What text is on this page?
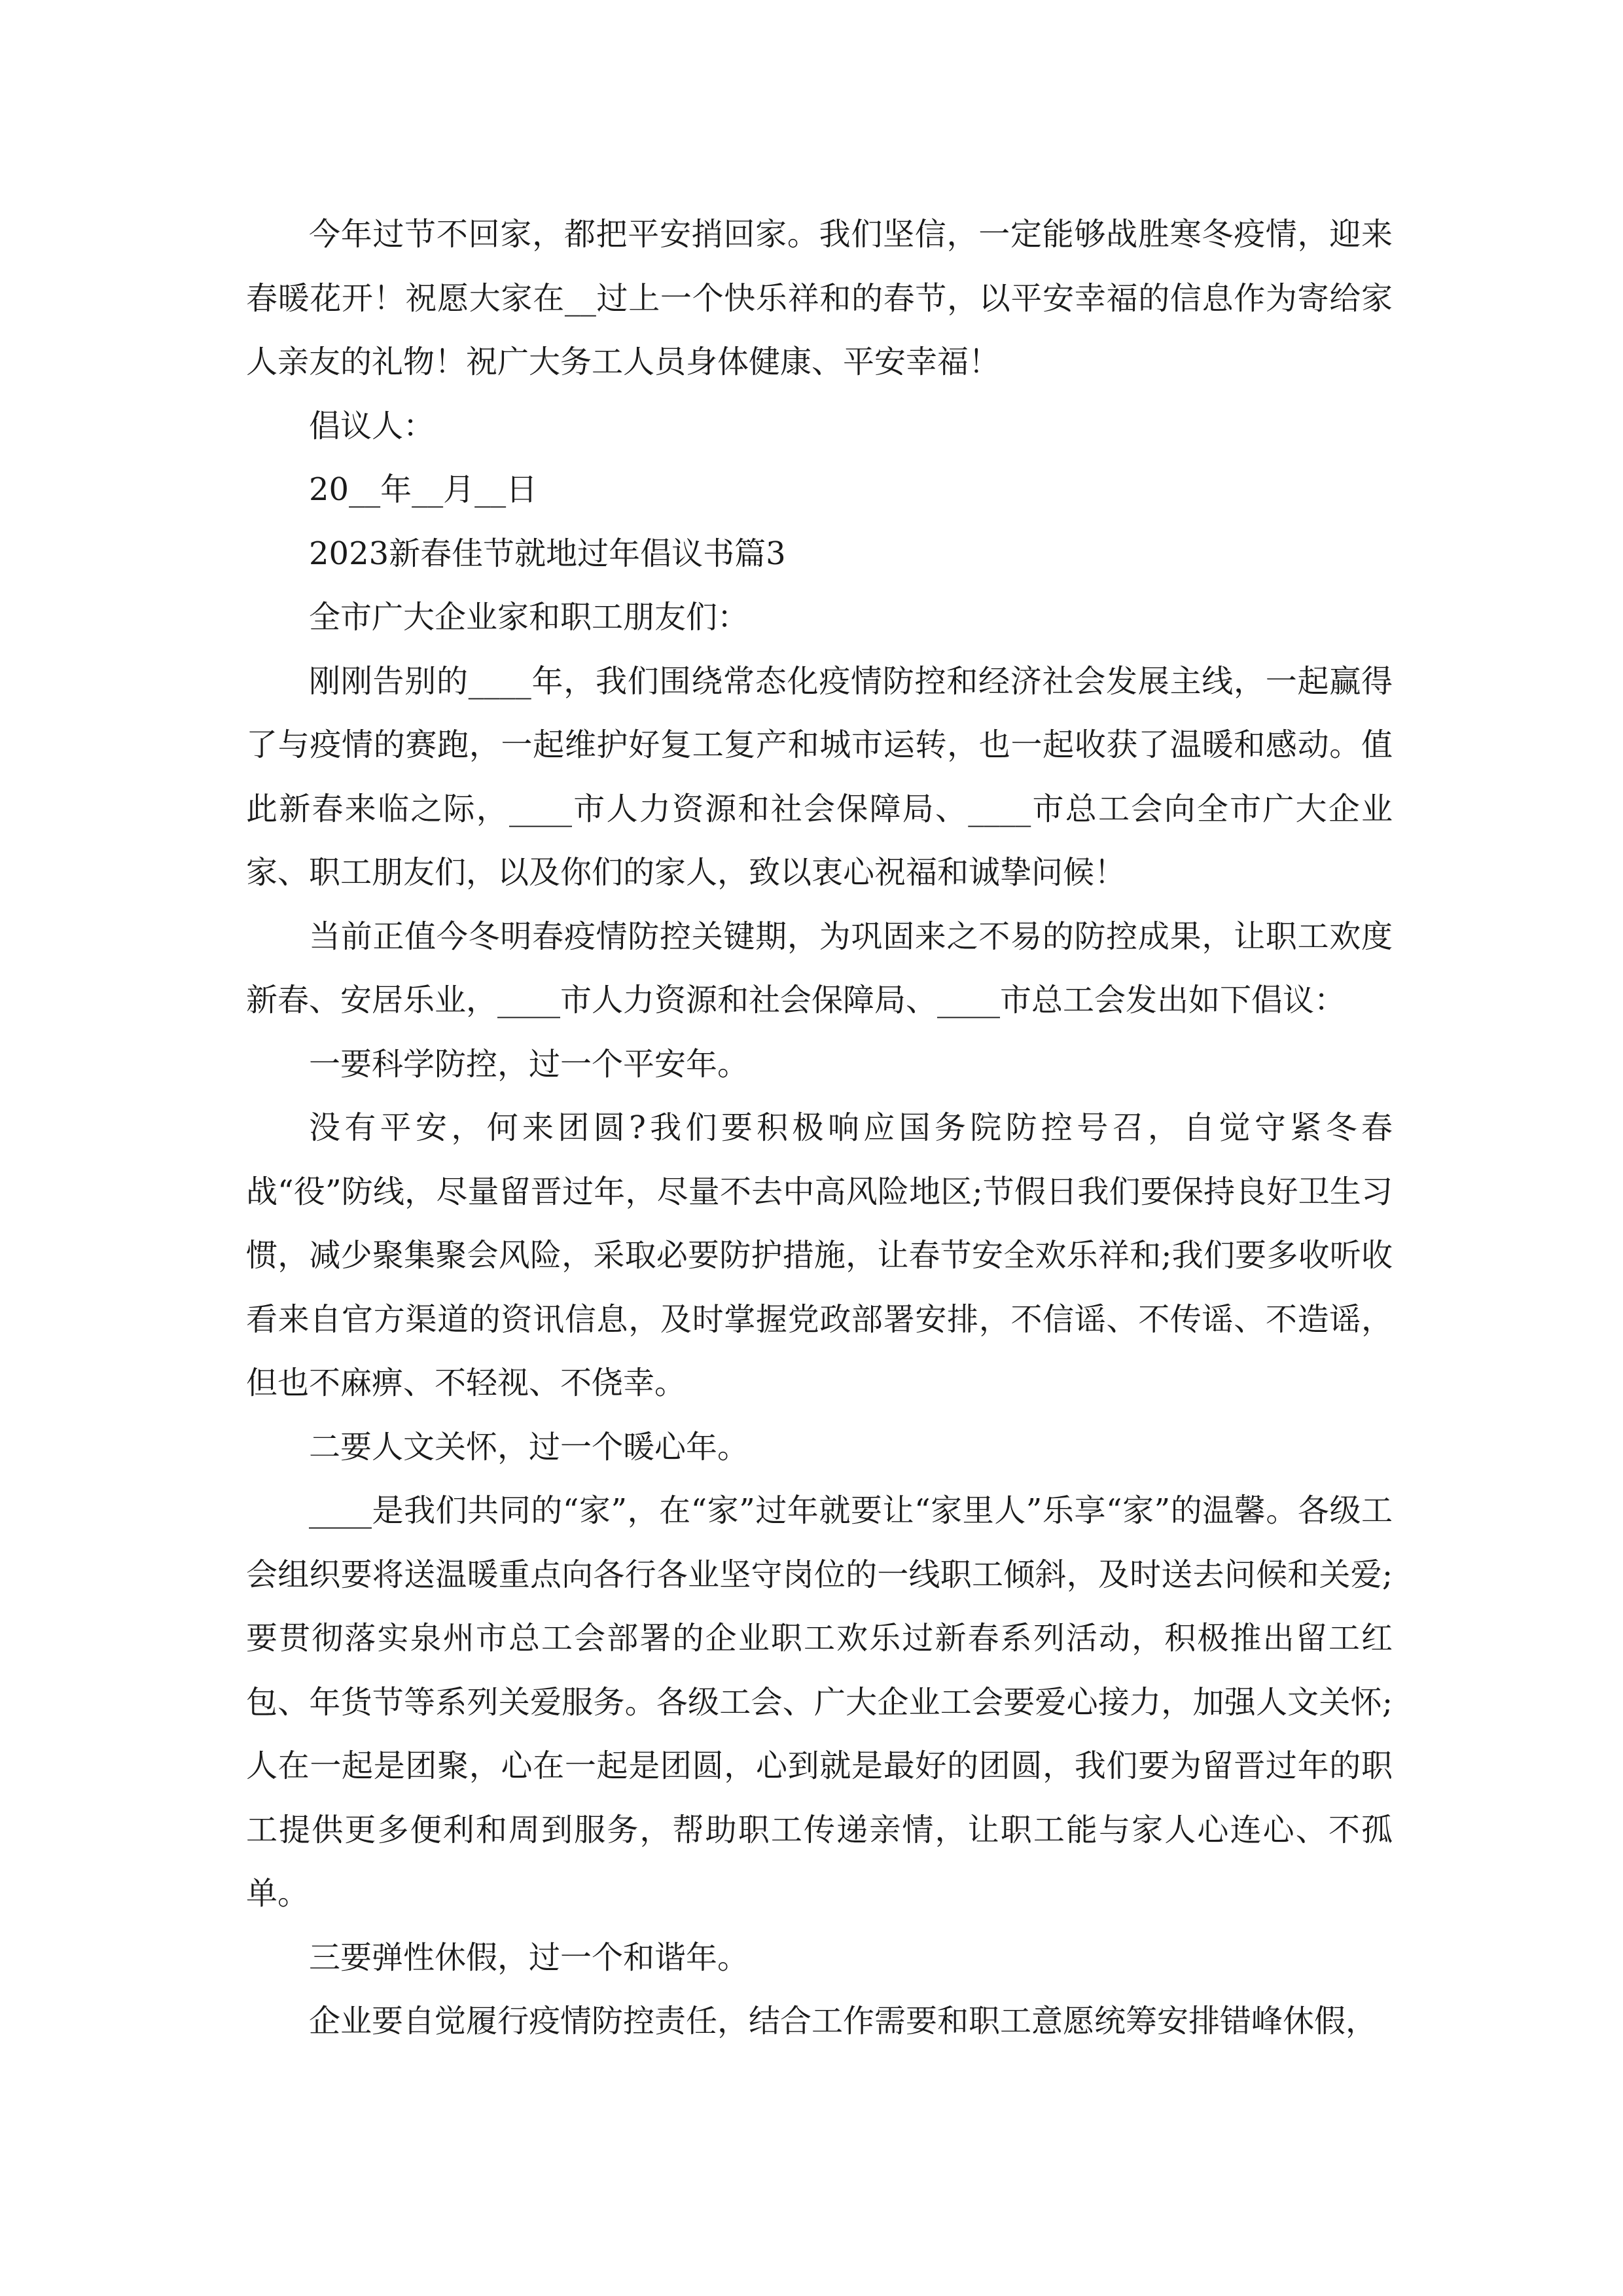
今年过节不回家，都把平安捎回家。我们坚信，一定能够战胜寒冬疫情，迎来春暖花开！祝愿大家在__过上一个快乐祥和的春节，以平安幸福的信息作为寄给家人亲友的礼物！祝广大务工人员身体健康、平安幸福！

倡议人：

20__年__月__日

2023新春佳节就地过年倡议书篇3

全市广大企业家和职工朋友们：

刚刚告别的____年，我们围绕常态化疫情防控和经济社会发展主线，一起赢得了与疫情的赛跑，一起维护好复工复产和城市运转，也一起收获了温暖和感动。值此新春来临之际，____市人力资源和社会保障局、____市总工会向全市广大企业家、职工朋友们，以及你们的家人，致以衷心祝福和诚挚问候！

当前正值今冬明春疫情防控关键期，为巩固来之不易的防控成果，让职工欢度新春、安居乐业，____市人力资源和社会保障局、____市总工会发出如下倡议：

一要科学防控，过一个平安年。

没有平安，何来团圆?我们要积极响应国务院防控号召，自觉守紧冬春战“役”防线，尽量留晋过年，尽量不去中高风险地区;节假日我们要保持良好卫生习惯，减少聚集聚会风险，采取必要防护措施，让春节安全欢乐祥和;我们要多收听收看来自官方渠道的资讯信息，及时掌握党政部署安排，不信谣、不传谣、不造谣，但也不麻痹、不轻视、不侥幸。

二要人文关怀，过一个暖心年。

____是我们共同的“家”，在“家”过年就要让“家里人”乐享“家”的温馨。各级工会组织要将送温暖重点向各行各业坚守岗位的一线职工倾斜，及时送去问候和关爱;要贯彻落实泉州市总工会部署的企业职工欢乐过新春系列活动，积极推出留工红包、年货节等系列关爱服务。各级工会、广大企业工会要爱心接力，加强人文关怀;人在一起是团聚，心在一起是团圆，心到就是最好的团圆，我们要为留晋过年的职工提供更多便利和周到服务，帮助职工传递亲情，让职工能与家人心连心、不孤单。

三要弹性休假，过一个和谐年。

企业要自觉履行疫情防控责任，结合工作需要和职工意愿统筹安排错峰休假，
